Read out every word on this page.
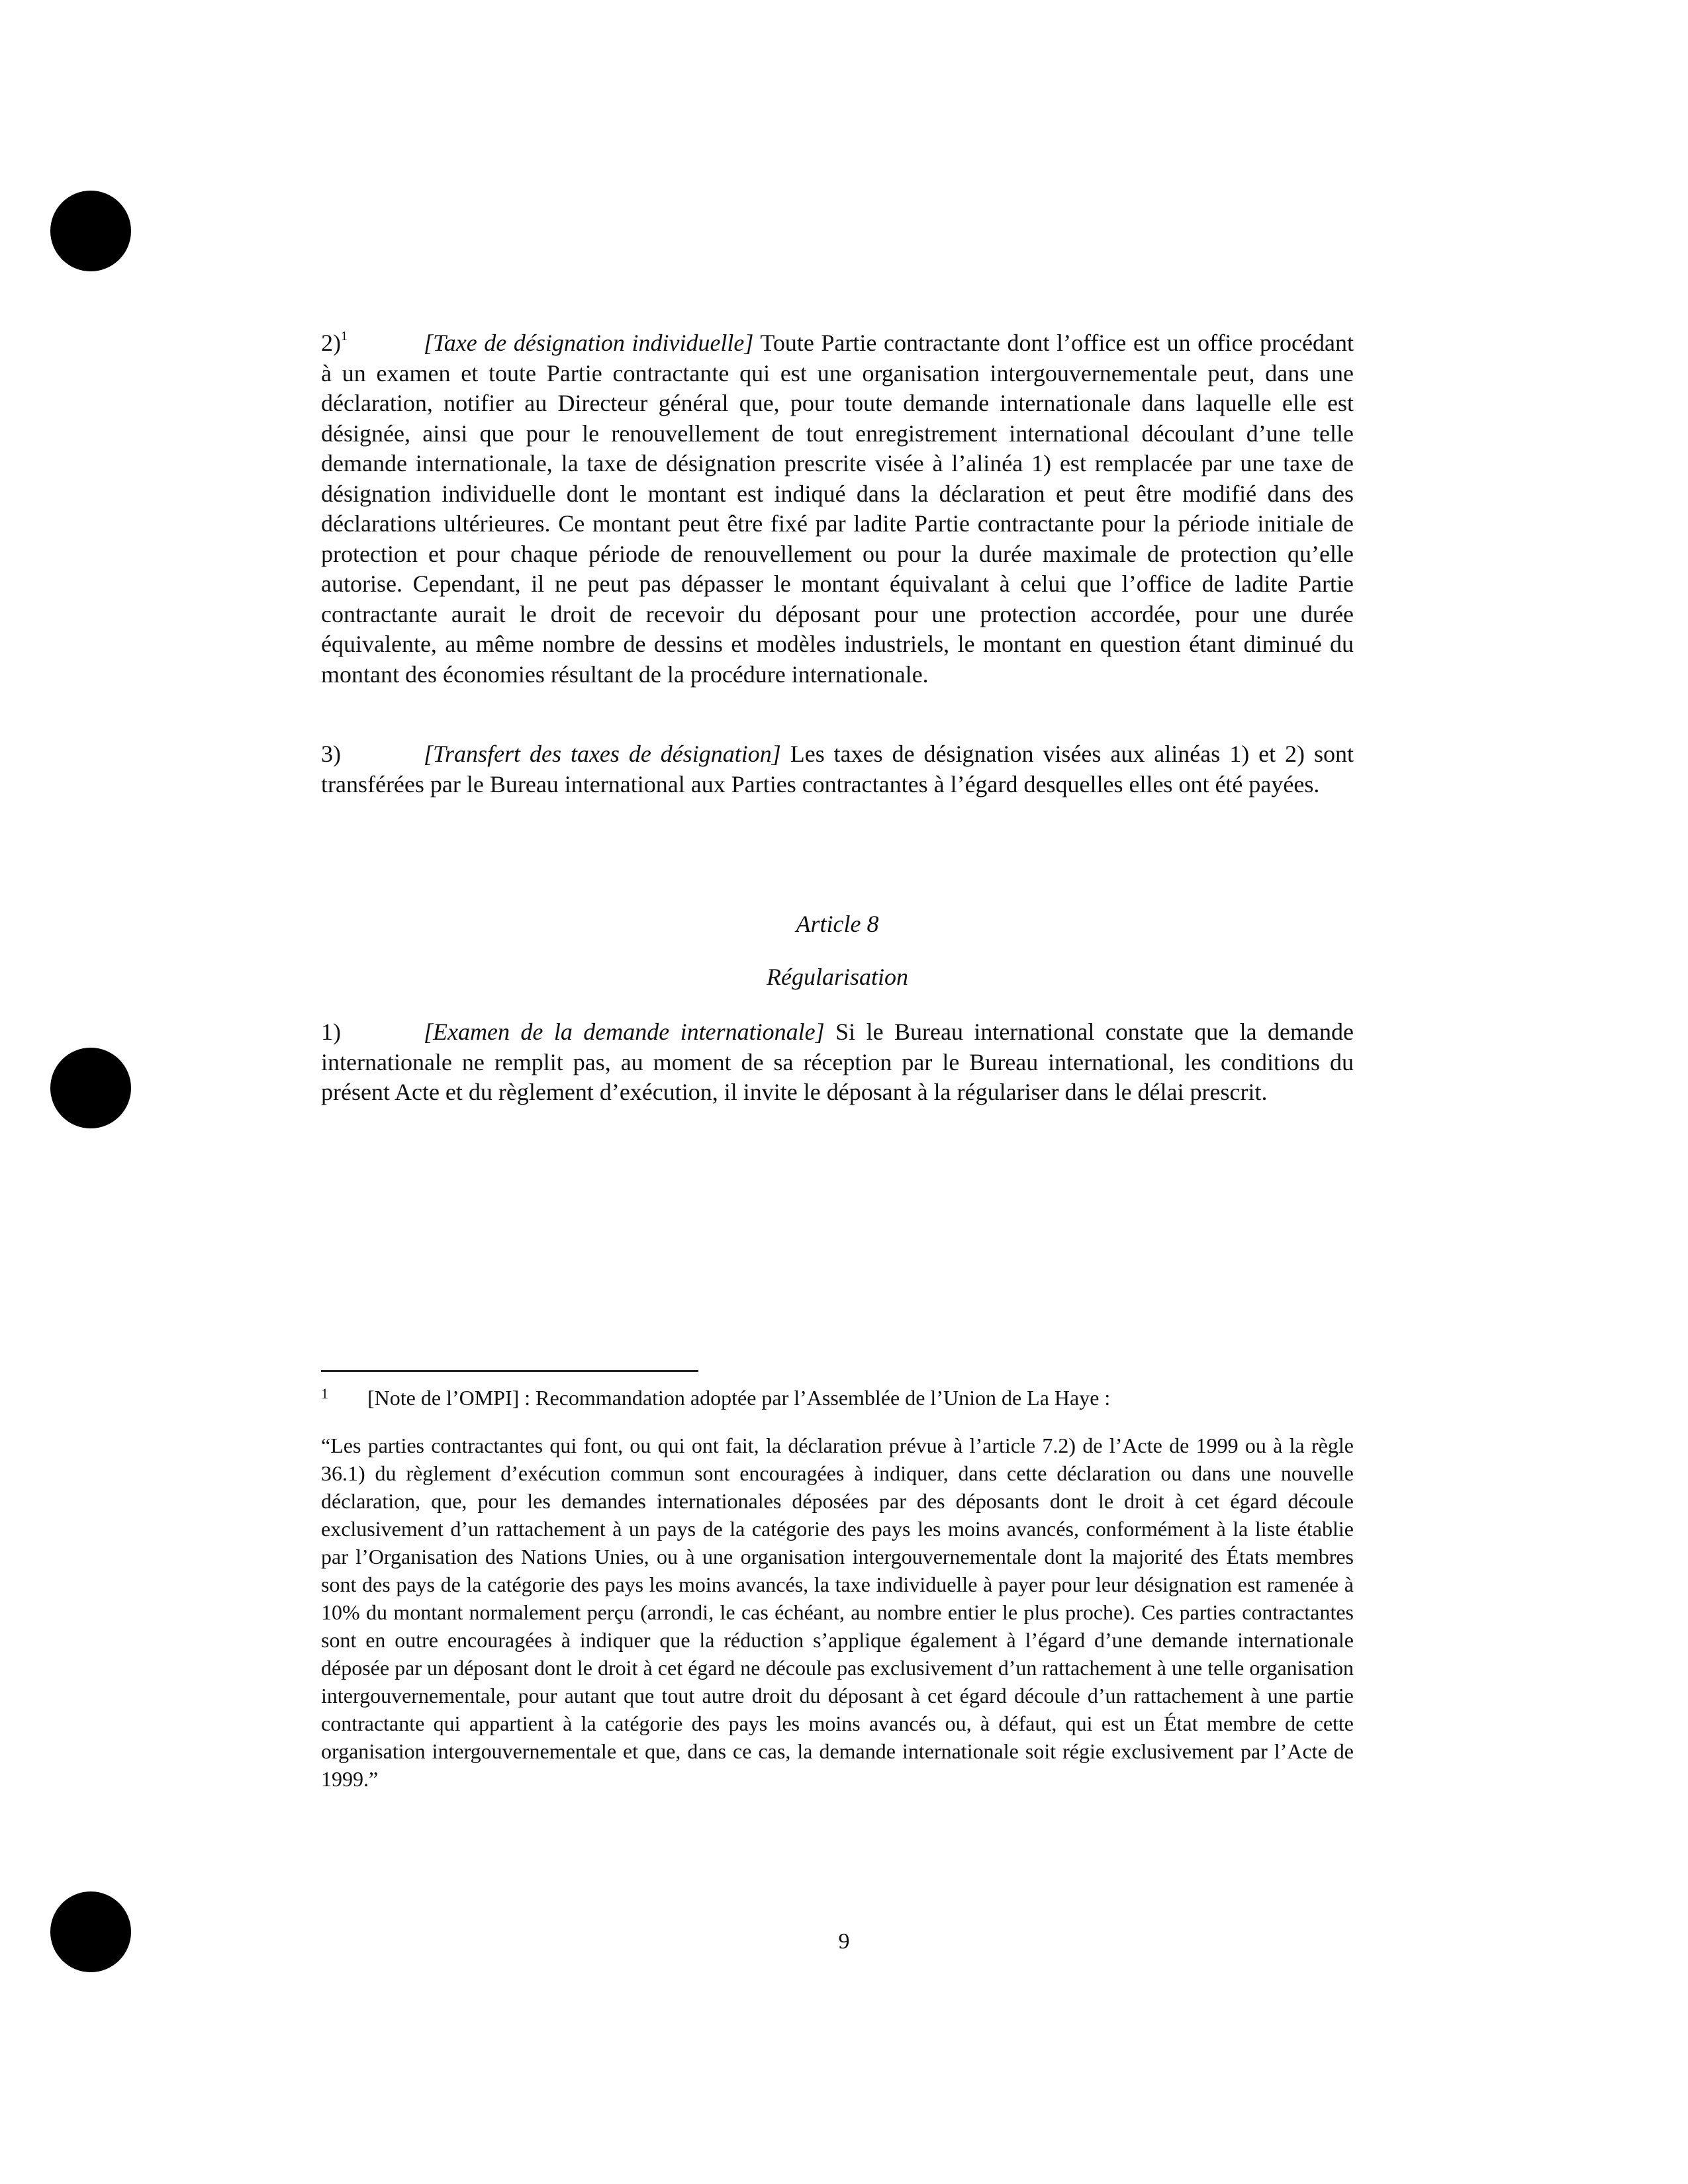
2)$^1$	[Taxe de désignation individuelle] Toute Partie contractante dont l’office est un office procédant à un examen et toute Partie contractante qui est une organisation intergouvernementale peut, dans une déclaration, notifier au Directeur général que, pour toute demande internationale dans laquelle elle est désignée, ainsi que pour le renouvellement de tout enregistrement international découlant d’une telle demande internationale, la taxe de désignation prescrite visée à l’alinéa 1) est remplacée par une taxe de désignation individuelle dont le montant est indiqué dans la déclaration et peut être modifié dans des déclarations ultérieures. Ce montant peut être fixé par ladite Partie contractante pour la période initiale de protection et pour chaque période de renouvellement ou pour la durée maximale de protection qu’elle autorise. Cependant, il ne peut pas dépasser le montant équivalant à celui que l’office de ladite Partie contractante aurait le droit de recevoir du déposant pour une protection accordée, pour une durée équivalente, au même nombre de dessins et modèles industriels, le montant en question étant diminué du montant des économies résultant de la procédure internationale.

3)	[Transfert des taxes de désignation] Les taxes de désignation visées aux alinéas 1) et 2) sont transférées par le Bureau international aux Parties contractantes à l’égard desquelles elles ont été payées.

Article 8
Régularisation

1)	[Examen de la demande internationale] Si le Bureau international constate que la demande internationale ne remplit pas, au moment de sa réception par le Bureau international, les conditions du présent Acte et du règlement d’exécution, il invite le déposant à la régulariser dans le délai prescrit.

1 [Note de l’OMPI] : Recommandation adoptée par l’Assemblée de l’Union de La Haye :

“Les parties contractantes qui font, ou qui ont fait, la déclaration prévue à l’article 7.2) de l’Acte de 1999 ou à la règle 36.1) du règlement d’exécution commun sont encouragées à indiquer, dans cette déclaration ou dans une nouvelle déclaration, que, pour les demandes internationales déposées par des déposants dont le droit à cet égard découle exclusivement d’un rattachement à un pays de la catégorie des pays les moins avancés, conformément à la liste établie par l’Organisation des Nations Unies, ou à une organisation intergouvernementale dont la majorité des États membres sont des pays de la catégorie des pays les moins avancés, la taxe individuelle à payer pour leur désignation est ramenée à 10% du montant normalement perçu (arrondi, le cas échéant, au nombre entier le plus proche). Ces parties contractantes sont en outre encouragées à indiquer que la réduction s’applique également à l’égard d’une demande internationale déposée par un déposant dont le droit à cet égard ne découle pas exclusivement d’un rattachement à une telle organisation intergouvernementale, pour autant que tout autre droit du déposant à cet égard découle d’un rattachement à une partie contractante qui appartient à la catégorie des pays les moins avancés ou, à défaut, qui est un État membre de cette organisation intergouvernementale et que, dans ce cas, la demande internationale soit régie exclusivement par l’Acte de 1999.”

9
